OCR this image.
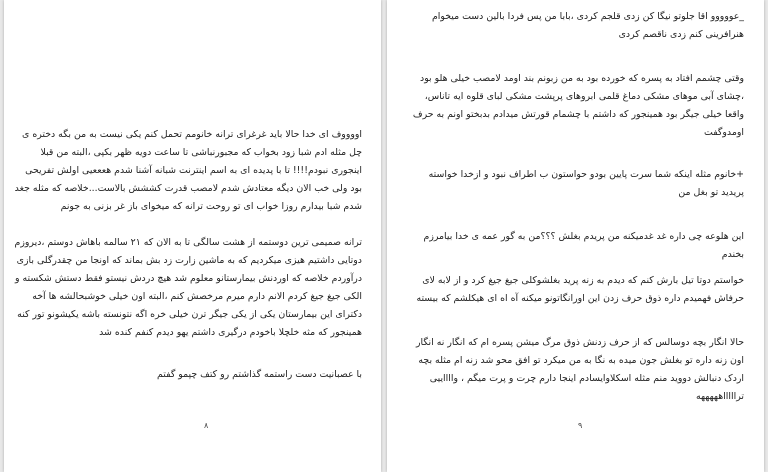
اووووف ای خدا حالا باید غرغرای ترانه خانومم تحمل کنم یکی نیست به من بگه دختره ی چل مثله ادم شبا زود بخواب که مجبورنباشی تا ساعت دویه ظهر بکپی ،البته من قبلا اینجوری نبودم!!!! تا با پدیده ای به اسم اینترنت شبانه آشنا شدم هعععیی اولش تفریحی بود ولی خب الان دیگه معتادش شدم لامصب قدرت کششش بالاست...خلاصه که مثله جغد شدم شبا بیدارم روزا خواب ای تو روحت ترانه که میخوای باز غر بزنی به جونم
ترانه صمیمی ترین دوستمه از هشت سالگی تا به الان که ۲۱ سالمه باهاش دوستم ،دیروزم دوتایی داشتیم هیزی میکردیم که به ماشین زارت زد بش بماند که اونجا من چقدرگلی بازی درآوردم خلاصه که اوردنش بیمارستانو معلوم شد هیچ دردش نیستو فقط دستش شکسته و الکی جیغ جیغ کردم الانم دارم میرم مرخصش کنم ،البته اون خیلی خوشبحالشه ها آخه دکترای این بیمارستان یکی از یکی جیگر ترن خیلی خره اگه نتونسته باشه یکیشونو تور کنه همینجور که مثه خلچلا باخودم درگیری داشتم یهو دیدم کنفم کنده شد
با عصبانیت دست راستمه گذاشتم رو کتف چپمو گفتم
۸
_عووووو اقا جلوتو نیگا کن زدی قلجم کردی ،بابا من پس فردا بالین دست میخوام هنرافرینی کنم زدی ناقصم کردی
وقتی چشمم افتاد به پسره که خورده بود به من زبونم بند اومد لامصب خیلی هلو بود ،چشای آبی موهای مشکی دماغ قلمی ابروهای پرپشت مشکی لبای قلوه ایه تاناس، واقعا خیلی جیگر بود همینجور که داشتم با چشمام قورتش میدادم بدبختو اونم به حرف اومدوگفت
+خانوم مثله اینکه شما سرت پایین بودو حواستون ب اطراف نبود و ازخدا خواسته پریدید تو بغل من
این هلوعه چی داره غد غدمیکنه من پریدم بغلش ؟؟؟من به گور عمه ی خدا بیامرزم بخندم
خواستم دوتا تیل بارش کنم که دیدم به زنه پرید بغلشوکلی جیغ جیغ کرد و از لابه لای حرفاش فهمیدم داره ذوق حرف زدن این اورانگاتونو میکنه آه اه ای هیکلشم که بیسته
حالا انگار بچه دوسالس که از حرف زدنش ذوق مرگ میشن پسره ام که انگار نه انگار اون زنه داره تو بغلش جون میده به نگا به من میکرد تو افق محو شد زنه ام مثله بچه اردک دنبالش دووید منم مثله اسکلاوایسادم اینجا دارم چرت و پرت میگم ، وااااییی تراااااهههههه
۹
